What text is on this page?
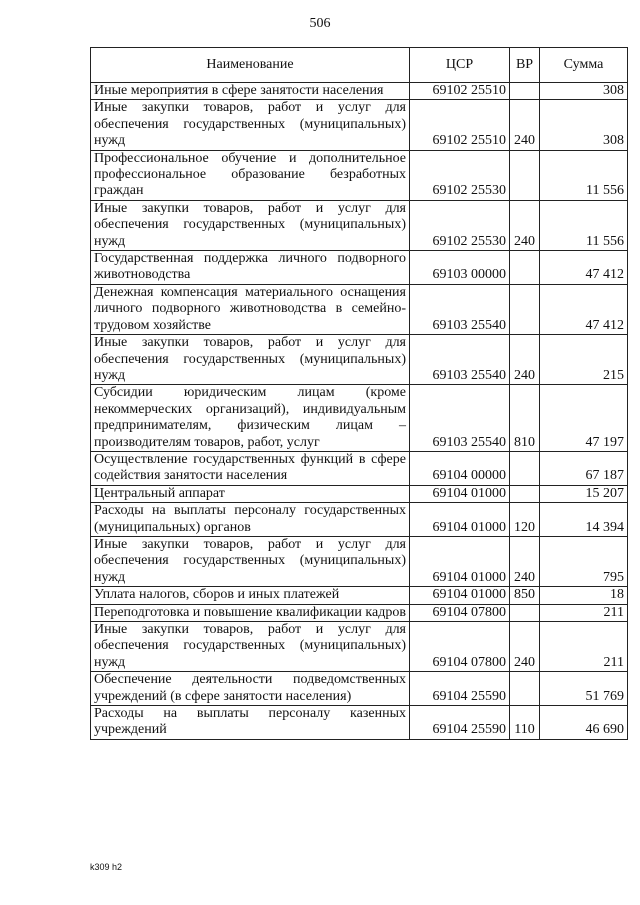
506
Наименование	ЦСР	ВР	Сумма
Иные мероприятия в сфере занятости населения	69102 25510		308
Иные закупки товаров, работ и услуг для обеспечения государственных (муниципальных) нужд	69102 25510	240	308
Профессиональное обучение и дополнительное профессиональное образование безработных граждан	69102 25530		11 556
Иные закупки товаров, работ и услуг для обеспечения государственных (муниципальных) нужд	69102 25530	240	11 556
Государственная поддержка личного подворного животноводства	69103 00000		47 412
Денежная компенсация материального оснащения личного подворного животноводства в семейно-трудовом хозяйстве	69103 25540		47 412
Иные закупки товаров, работ и услуг для обеспечения государственных (муниципальных) нужд	69103 25540	240	215
Субсидии юридическим лицам (кроме некоммерческих организаций), индивидуальным предпринимателям, физическим лицам – производителям товаров, работ, услуг	69103 25540	810	47 197
Осуществление государственных функций в сфере содействия занятости населения	69104 00000		67 187
Центральный аппарат	69104 01000		15 207
Расходы на выплаты персоналу государственных (муниципальных) органов	69104 01000	120	14 394
Иные закупки товаров, работ и услуг для обеспечения государственных (муниципальных) нужд	69104 01000	240	795
Уплата налогов, сборов и иных платежей	69104 01000	850	18
Переподготовка и повышение квалификации кадров	69104 07800		211
Иные закупки товаров, работ и услуг для обеспечения государственных (муниципальных) нужд	69104 07800	240	211
Обеспечение деятельности подведомственных учреждений (в сфере занятости населения)	69104 25590		51 769
Расходы на выплаты персоналу казенных учреждений	69104 25590	110	46 690
k309 h2
